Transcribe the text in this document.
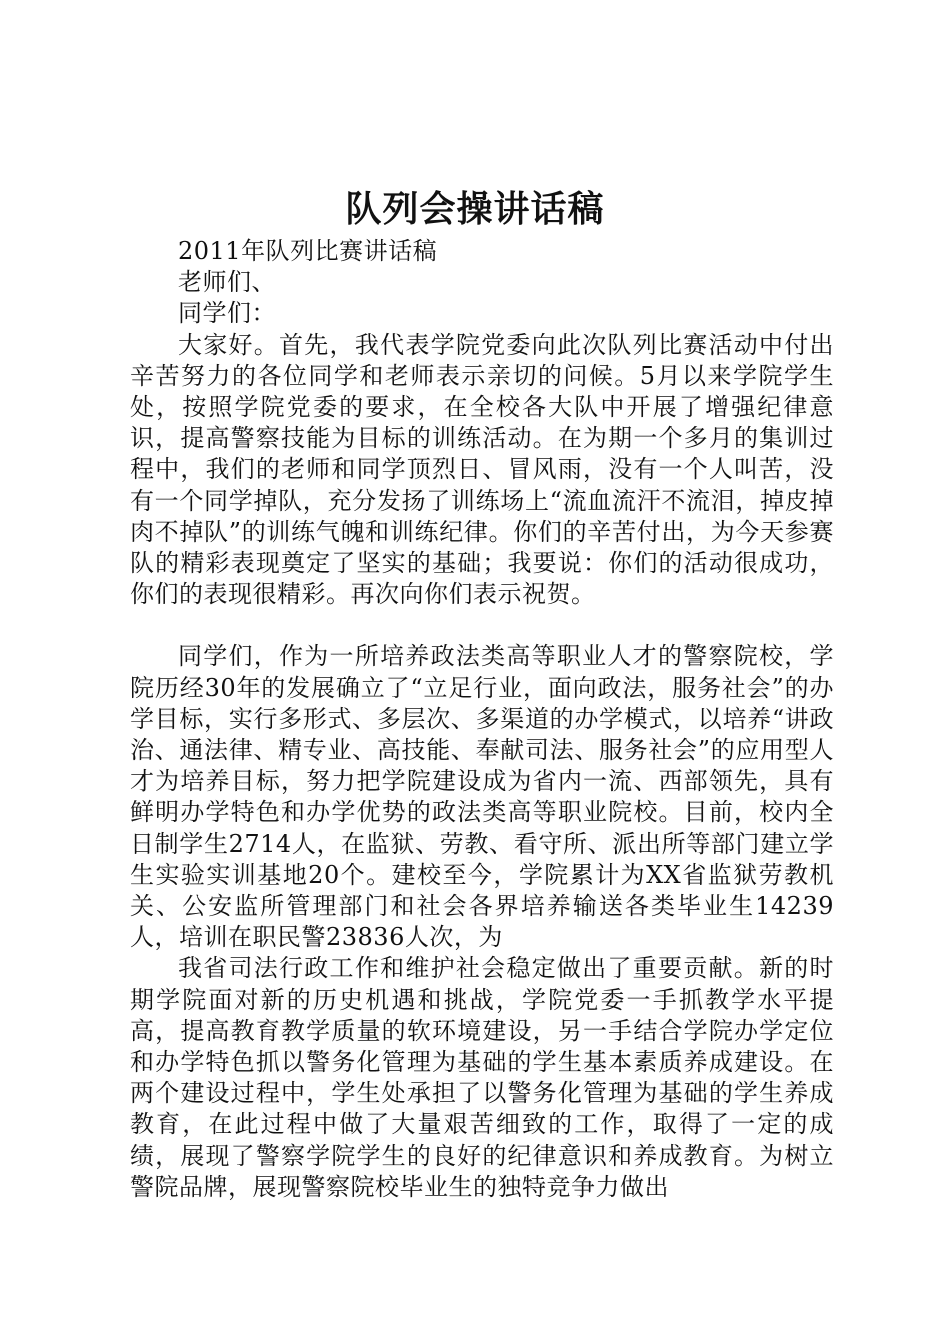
队列会操讲话稿

2011年队列比赛讲话稿

老师们、

同学们：

大家好。首先，我代表学院党委向此次队列比赛活动中付出辛苦努力的各位同学和老师表示亲切的问候。5月以来学院学生处，按照学院党委的要求，在全校各大队中开展了增强纪律意识，提高警察技能为目标的训练活动。在为期一个多月的集训过程中，我们的老师和同学顶烈日、冒风雨，没有一个人叫苦，没有一个同学掉队，充分发扬了训练场上“流血流汗不流泪，掉皮掉肉不掉队”的训练气魄和训练纪律。你们的辛苦付出，为今天参赛队的精彩表现奠定了坚实的基础；我要说：你们的活动很成功，你们的表现很精彩。再次向你们表示祝贺。

同学们，作为一所培养政法类高等职业人才的警察院校，学院历经30年的发展确立了“立足行业，面向政法，服务社会”的办学目标，实行多形式、多层次、多渠道的办学模式，以培养“讲政治、通法律、精专业、高技能、奉献司法、服务社会”的应用型人才为培养目标，努力把学院建设成为省内一流、西部领先，具有鲜明办学特色和办学优势的政法类高等职业院校。目前，校内全日制学生2714人，在监狱、劳教、看守所、派出所等部门建立学生实验实训基地20个。建校至今，学院累计为XX省监狱劳教机关、公安监所管理部门和社会各界培养输送各类毕业生14239人，培训在职民警23836人次，为

我省司法行政工作和维护社会稳定做出了重要贡献。新的时期学院面对新的历史机遇和挑战，学院党委一手抓教学水平提高，提高教育教学质量的软环境建设，另一手结合学院办学定位和办学特色抓以警务化管理为基础的学生基本素质养成建设。在两个建设过程中，学生处承担了以警务化管理为基础的学生养成教育，在此过程中做了大量艰苦细致的工作，取得了一定的成绩，展现了警察学院学生的良好的纪律意识和养成教育。为树立警院品牌，展现警察院校毕业生的独特竞争力做出
